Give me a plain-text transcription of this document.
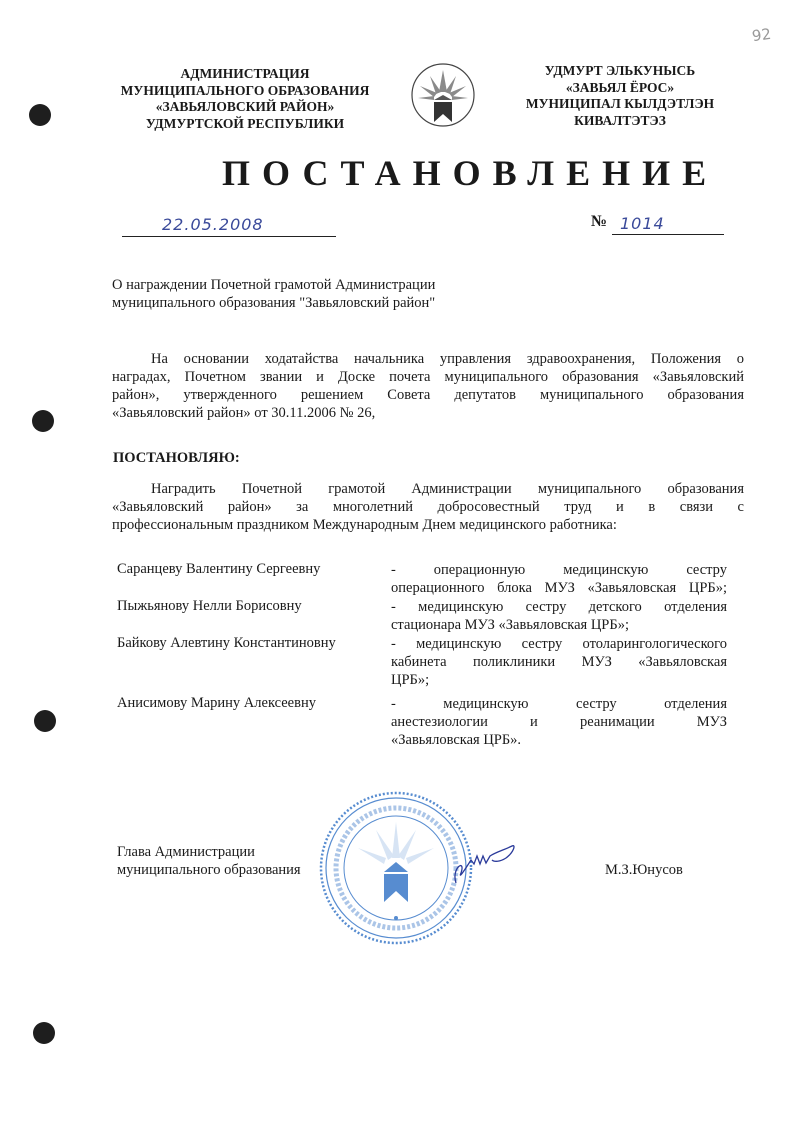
92
АДМИНИСТРАЦИЯ
МУНИЦИПАЛЬНОГО ОБРАЗОВАНИЯ
«ЗАВЬЯЛОВСКИЙ РАЙОН»
УДМУРТСКОЙ РЕСПУБЛИКИ
УДМУРТ ЭЛЬКУНЫСЬ
«ЗАВЬЯЛ ЁРОС»
МУНИЦИПАЛ КЫЛДЭТЛЭН
КИВАЛТЭТЭЗ
ПОСТАНОВЛЕНИЕ
22.05.2008	№ 1014
О награждении Почетной грамотой Администрации
муниципального образования "Завьяловский район"
На основании ходатайства начальника управления здравоохранения, Положения о
наградах, Почетном звании и Доске почета муниципального образования «Завьяловский
район», утвержденного решением Совета депутатов муниципального образования
«Завьяловский район» от 30.11.2006 № 26,
ПОСТАНОВЛЯЮ:
Наградить Почетной грамотой Администрации муниципального образования
«Завьяловский район» за многолетний добросовестный труд и в связи с
профессиональным праздником Международным Днем медицинского работника:
Саранцеву Валентину Сергеевну	- операционную медицинскую сестру
операционного блока МУЗ «Завьяловская ЦРБ»;
Пыжьянову Нелли Борисовну	- медицинскую сестру детского отделения
стационара МУЗ «Завьяловская ЦРБ»;
Байкову Алевтину Константиновну	- медицинскую сестру отоларингологического
кабинета поликлиники МУЗ «Завьяловская
ЦРБ»;
Анисимову Марину Алексеевну	- медицинскую сестру отделения
анестезиологии и реанимации МУЗ
«Завьяловская ЦРБ».
Глава Администрации
муниципального образования	М.З.Юнусов
